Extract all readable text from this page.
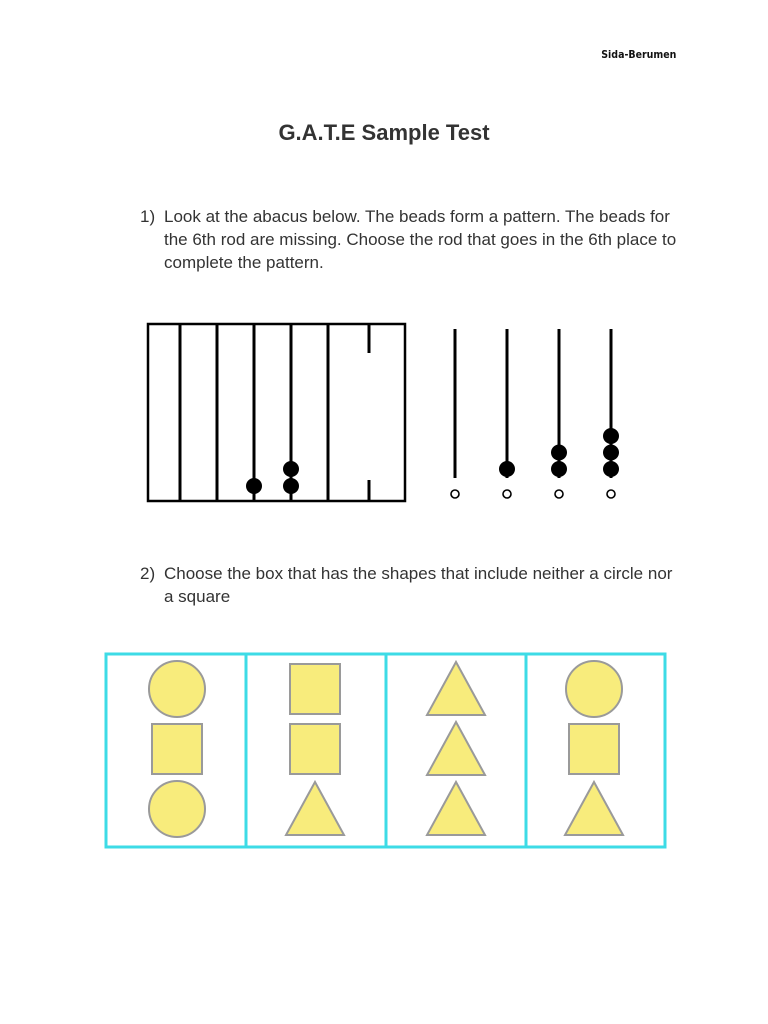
Sida-Berumen
G.A.T.E Sample Test
1) Look at the abacus below. The beads form a pattern. The beads for the 6th rod are missing. Choose the rod that goes in the 6th place to complete the pattern.
2) Choose the box that has the shapes that include neither a circle nor a square
